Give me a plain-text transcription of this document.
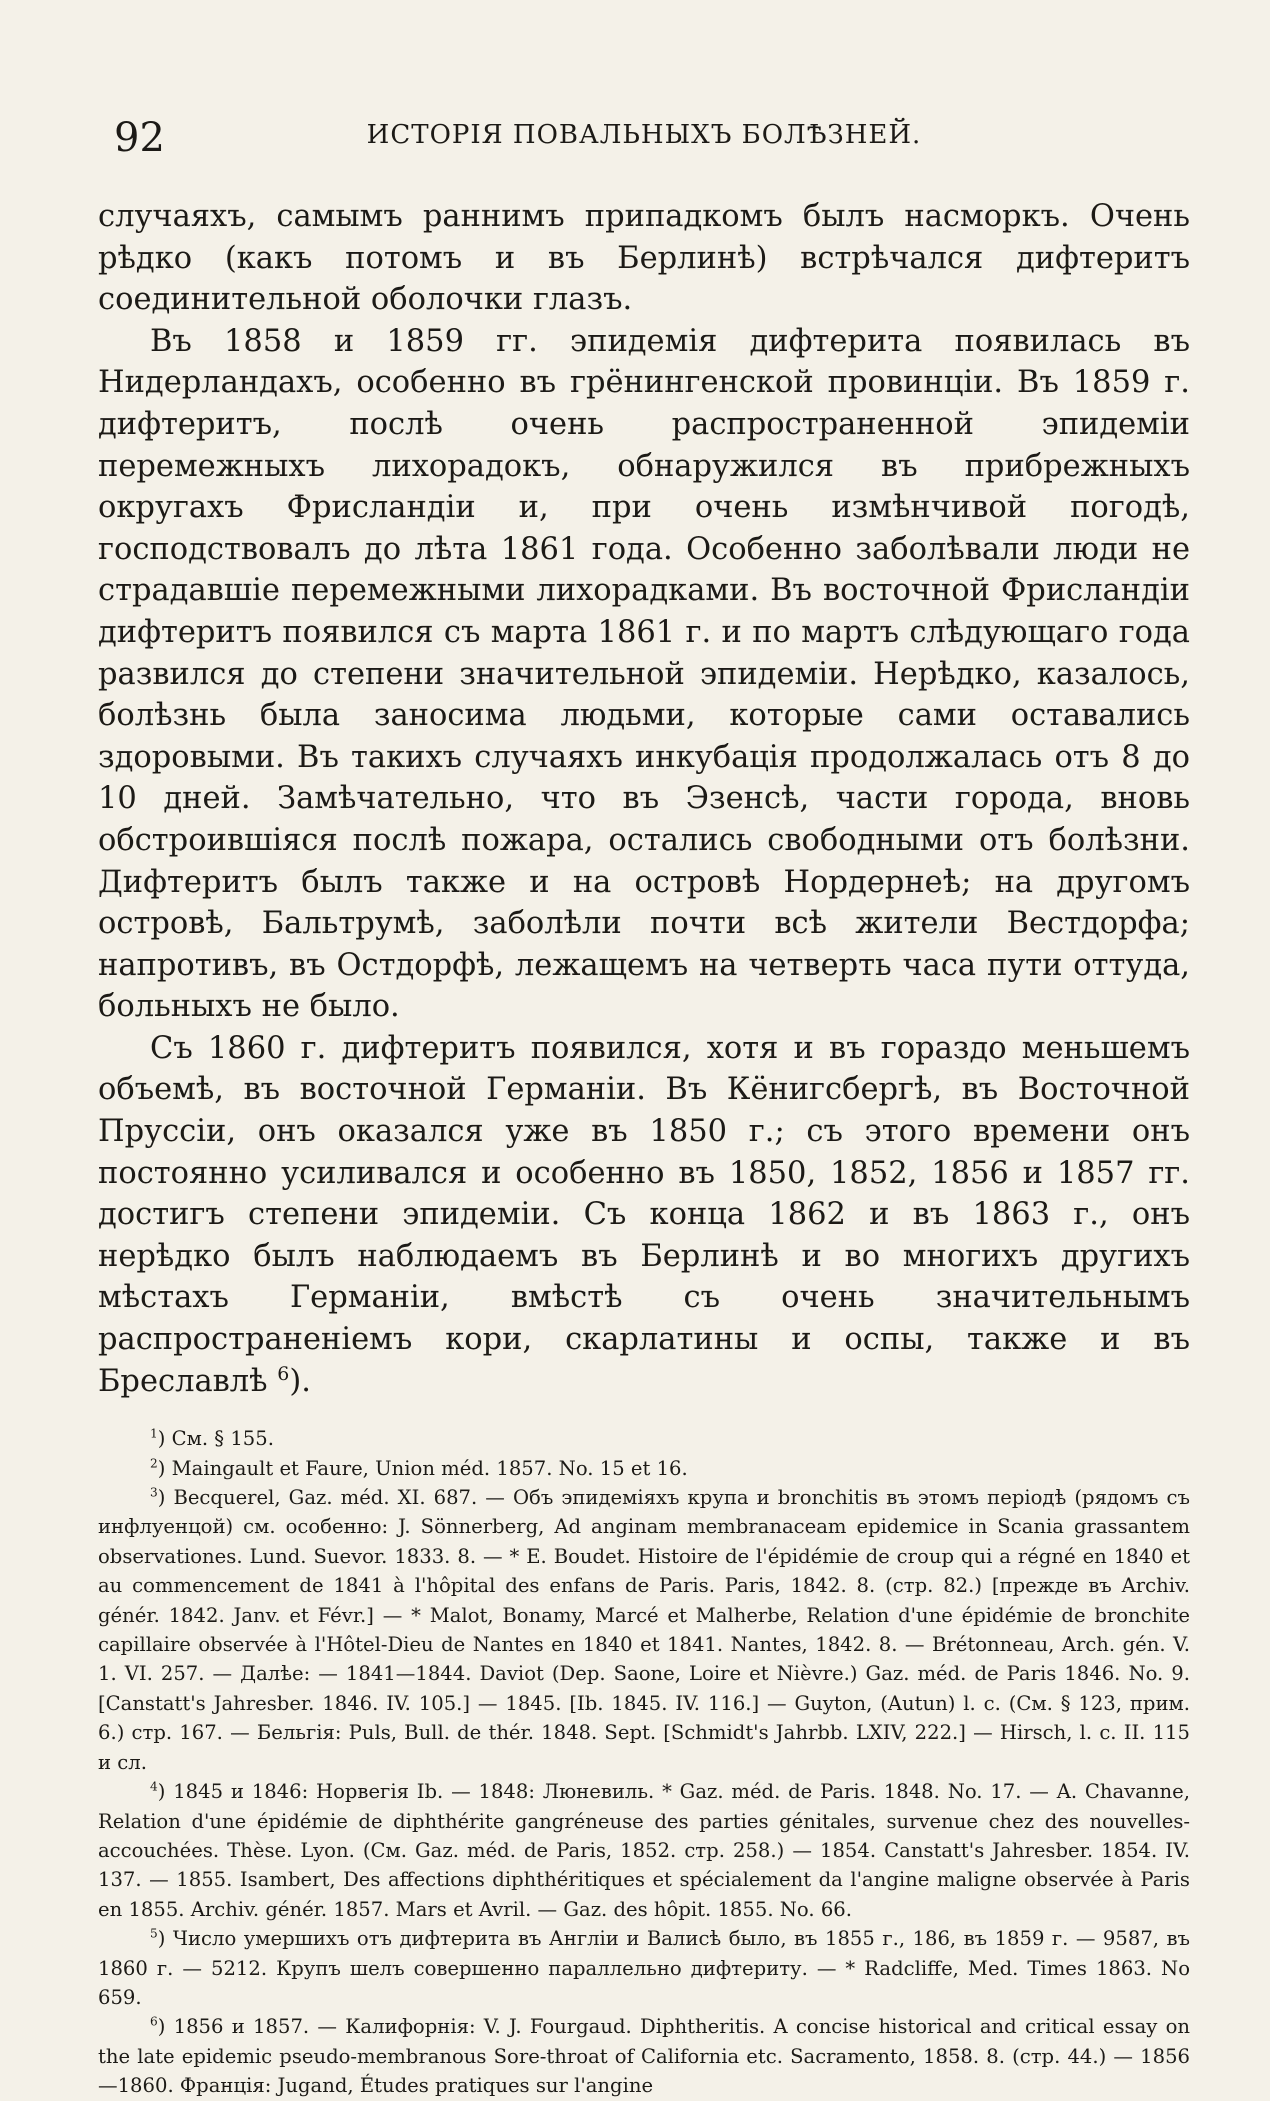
92	ИСТОРІЯ ПОВАЛЬНЫХЪ БОЛѢЗНЕЙ.

случаяхъ, самымъ раннимъ припадкомъ былъ насморкъ. Очень рѣдко (какъ потомъ и въ Берлинѣ) встрѣчался дифтеритъ соединительной оболочки глазъ.

Въ 1858 и 1859 гг. эпидемія дифтерита появилась въ Нидерландахъ, особенно въ грёнингенской провинціи. Въ 1859 г. дифтеритъ, послѣ очень распространенной эпидеміи перемежныхъ лихорадокъ, обнаружился въ прибрежныхъ округахъ Фрисландіи и, при очень измѣнчивой погодѣ, господствовалъ до лѣта 1861 года. Особенно заболѣвали люди не страдавшіе перемежными лихорадками. Въ восточной Фрисландіи дифтеритъ появился съ марта 1861 г. и по мартъ слѣдующаго года развился до степени значительной эпидеміи. Нерѣдко, казалось, болѣзнь была заносима людьми, которые сами оставались здоровыми. Въ такихъ случаяхъ инкубація продолжалась отъ 8 до 10 дней. Замѣчательно, что въ Эзенсѣ, части города, вновь обстроившіяся послѣ пожара, остались свободными отъ болѣзни. Дифтеритъ былъ также и на островѣ Нордернеѣ; на другомъ островѣ, Бальтрумѣ, заболѣли почти всѣ жители Вестдорфа; напротивъ, въ Остдорфѣ, лежащемъ на четверть часа пути оттуда, больныхъ не было.

Съ 1860 г. дифтеритъ появился, хотя и въ гораздо меньшемъ объемѣ, въ восточной Германіи. Въ Кёнигсбергѣ, въ Восточной Пруссіи, онъ оказался уже въ 1850 г.; съ этого времени онъ постоянно усиливался и особенно въ 1850, 1852, 1856 и 1857 гг. достигъ степени эпидеміи. Съ конца 1862 и въ 1863 г., онъ нерѣдко былъ наблюдаемъ въ Берлинѣ и во многихъ другихъ мѣстахъ Германіи, вмѣстѣ съ очень значительнымъ распространеніемъ кори, скарлатины и оспы, также и въ Бреславлѣ $^6$).

$^1$) См. § 155.

$^2$) Maingault et Faure, Union méd. 1857. No. 15 et 16.

$^3$) Becquerel, Gaz. méd. XI. 687. — Объ эпидеміяхъ крупа и bronchitis въ этомъ періодѣ (рядомъ съ инфлуенцой) см. особенно: J. Sönnerberg, Ad anginam membranaceam epidemice in Scania grassantem observationes. Lund. Suevor. 1833. 8. — * E. Boudet. Histoire de l'épidémie de croup qui a régné en 1840 et au commencement de 1841 à l'hôpital des enfans de Paris. Paris, 1842. 8. (стр. 82.) [прежде въ Archiv. génér. 1842. Janv. et Févr.] — * Malot, Bonamy, Marcé et Malherbe, Relation d'une épidémie de bronchite capillaire observée à l'Hôtel-Dieu de Nantes en 1840 et 1841. Nantes, 1842. 8. — Brétonneau, Arch. gén. V. 1. VI. 257. — Далѣе: — 1841—1844. Daviot (Dep. Saone, Loire et Nièvre.) Gaz. méd. de Paris 1846. No. 9. [Canstatt's Jahresber. 1846. IV. 105.] — 1845. [Ib. 1845. IV. 116.] — Guyton, (Autun) l. c. (См. § 123, прим. 6.) стр. 167. — Бельгія: Puls, Bull. de thér. 1848. Sept. [Schmidt's Jahrbb. LXIV, 222.] — Hirsch, l. c. II. 115 и сл.

$^4$) 1845 и 1846: Норвегія Ib. — 1848: Люневиль. * Gaz. méd. de Paris. 1848. No. 17. — A. Chavanne, Relation d'une épidémie de diphthérite gangréneuse des parties génitales, survenue chez des nouvelles-accouchées. Thèse. Lyon. (См. Gaz. méd. de Paris, 1852. стр. 258.) — 1854. Canstatt's Jahresber. 1854. IV. 137. — 1855. Isambert, Des affections diphthéritiques et spécialement da l'angine maligne observée à Paris en 1855. Archiv. génér. 1857. Mars et Avril. — Gaz. des hôpit. 1855. No. 66.

$^5$) Число умершихъ отъ дифтерита въ Англіи и Валисѣ было, въ 1855 г., 186, въ 1859 г. — 9587, въ 1860 г. — 5212. Крупъ шелъ совершенно параллельно дифтериту. — * Radcliffe, Med. Times 1863. No 659.

$^6$) 1856 и 1857. — Калифорнія: V. J. Fourgaud. Diphtheritis. A concise historical and critical essay on the late epidemic pseudo-membranous Sore-throat of California etc. Sacramento, 1858. 8. (стр. 44.) — 1856—1860. Франція: Jugand, Études pratiques sur l'angine
